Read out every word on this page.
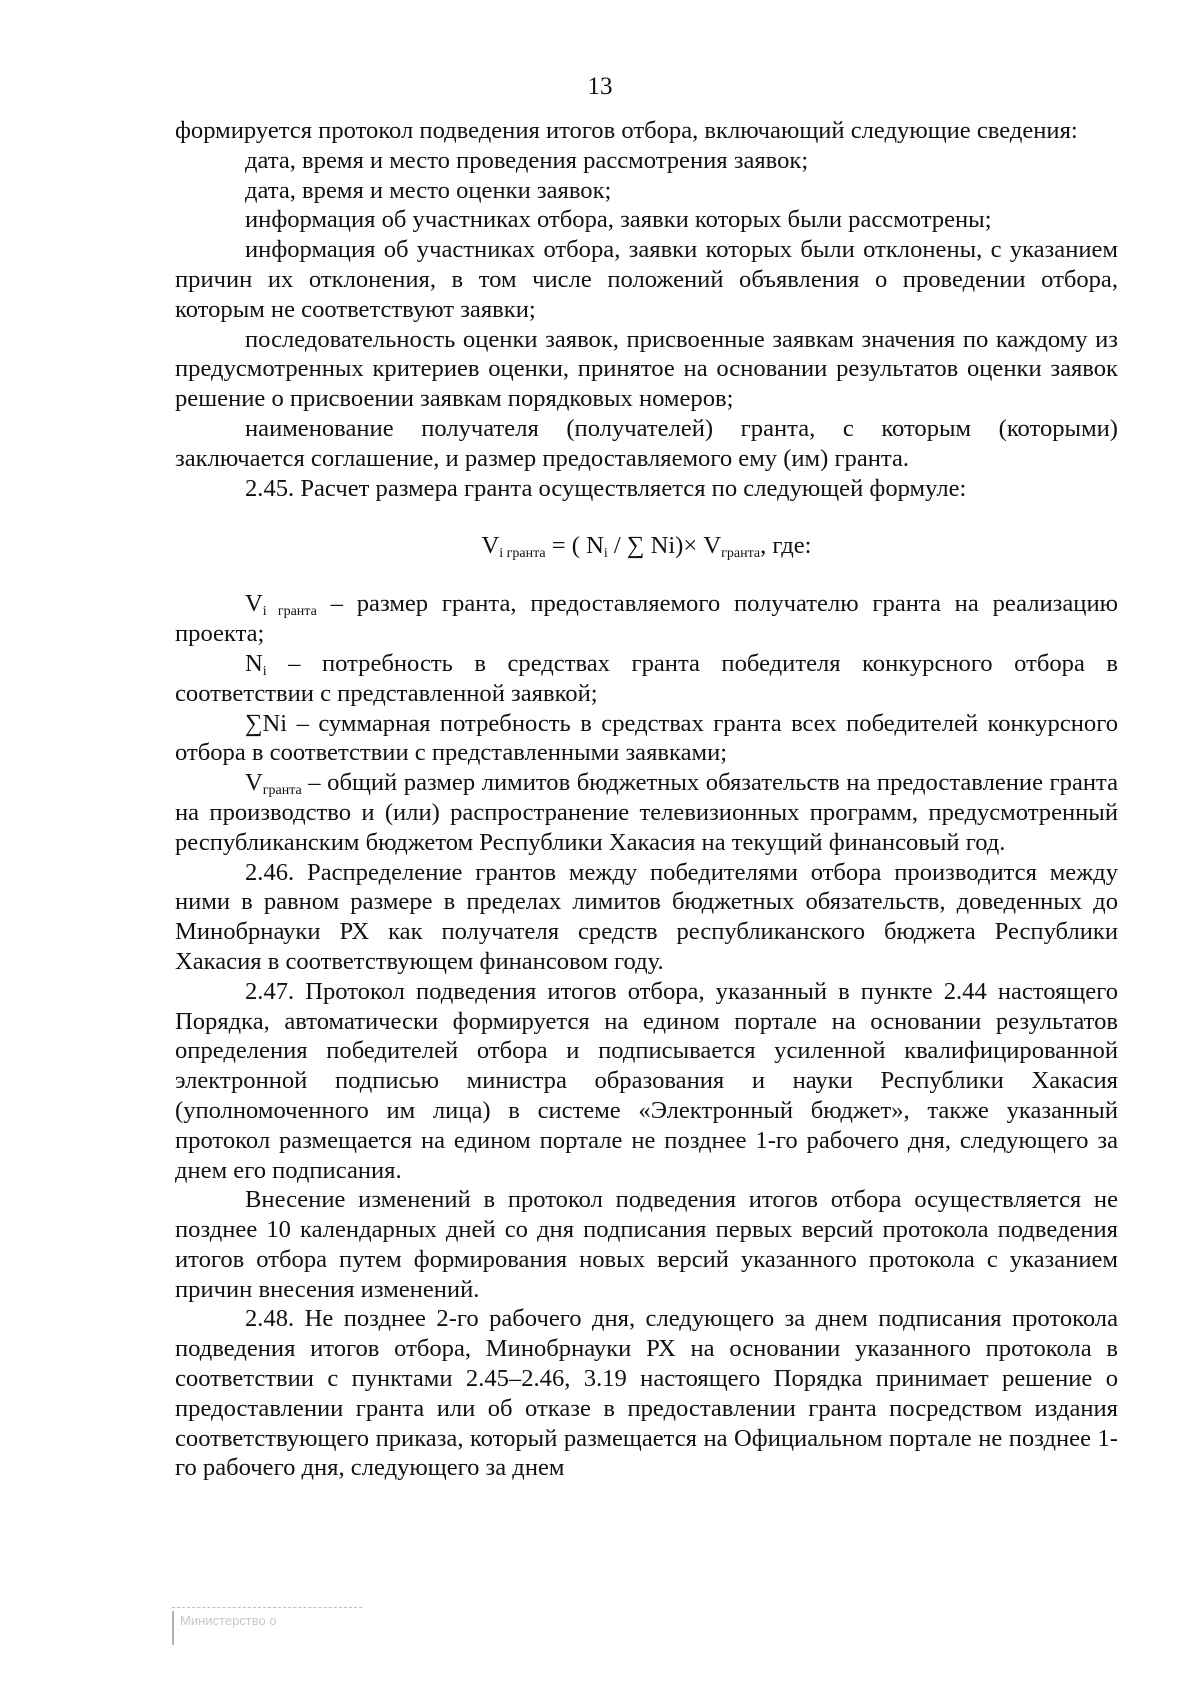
13

формируется протокол подведения итогов отбора, включающий следующие сведения:

дата, время и место проведения рассмотрения заявок;

дата, время и место оценки заявок;

информация об участниках отбора, заявки которых были рассмотрены;

информация об участниках отбора, заявки которых были отклонены, с указанием причин их отклонения, в том числе положений объявления о проведении отбора, которым не соответствуют заявки;

последовательность оценки заявок, присвоенные заявкам значения по каждому из предусмотренных критериев оценки, принятое на основании результатов оценки заявок решение о присвоении заявкам порядковых номеров;

наименование получателя (получателей) гранта, с которым (которыми) заключается соглашение, и размер предоставляемого ему (им) гранта.

2.45. Расчет размера гранта осуществляется по следующей формуле:

$V_{i гранта}$ = ( $N_i$ / ∑ $Ni)\times V_{гранта}$, где:

$V_{i гранта}$ – размер гранта, предоставляемого получателю гранта на реализацию проекта;

$N_i$ – потребность в средствах гранта победителя конкурсного отбора в соответствии с представленной заявкой;

∑Ni – суммарная потребность в средствах гранта всех победителей конкурсного отбора в соответствии с представленными заявками;

$V_{гранта}$ – общий размер лимитов бюджетных обязательств на предоставление гранта на производство и (или) распространение телевизионных программ, предусмотренный республиканским бюджетом Республики Хакасия на текущий финансовый год.

2.46. Распределение грантов между победителями отбора производится между ними в равном размере в пределах лимитов бюджетных обязательств, доведенных до Минобрнауки РХ как получателя средств республиканского бюджета Республики Хакасия в соответствующем финансовом году.

2.47. Протокол подведения итогов отбора, указанный в пункте 2.44 настоящего Порядка, автоматически формируется на едином портале на основании результатов определения победителей отбора и подписывается усиленной квалифицированной электронной подписью министра образования и науки Республики Хакасия (уполномоченного им лица) в системе «Электронный бюджет», также указанный протокол размещается на едином портале не позднее 1-го рабочего дня, следующего за днем его подписания.

Внесение изменений в протокол подведения итогов отбора осуществляется не позднее 10 календарных дней со дня подписания первых версий протокола подведения итогов отбора путем формирования новых версий указанного протокола с указанием причин внесения изменений.

2.48. Не позднее 2-го рабочего дня, следующего за днем подписания протокола подведения итогов отбора, Минобрнауки РХ на основании указанного протокола в соответствии с пунктами 2.45–2.46, 3.19 настоящего Порядка принимает решение о предоставлении гранта или об отказе в предоставлении гранта посредством издания соответствующего приказа, который размещается на Официальном портале не позднее 1-го рабочего дня, следующего за днем

Министерство о
